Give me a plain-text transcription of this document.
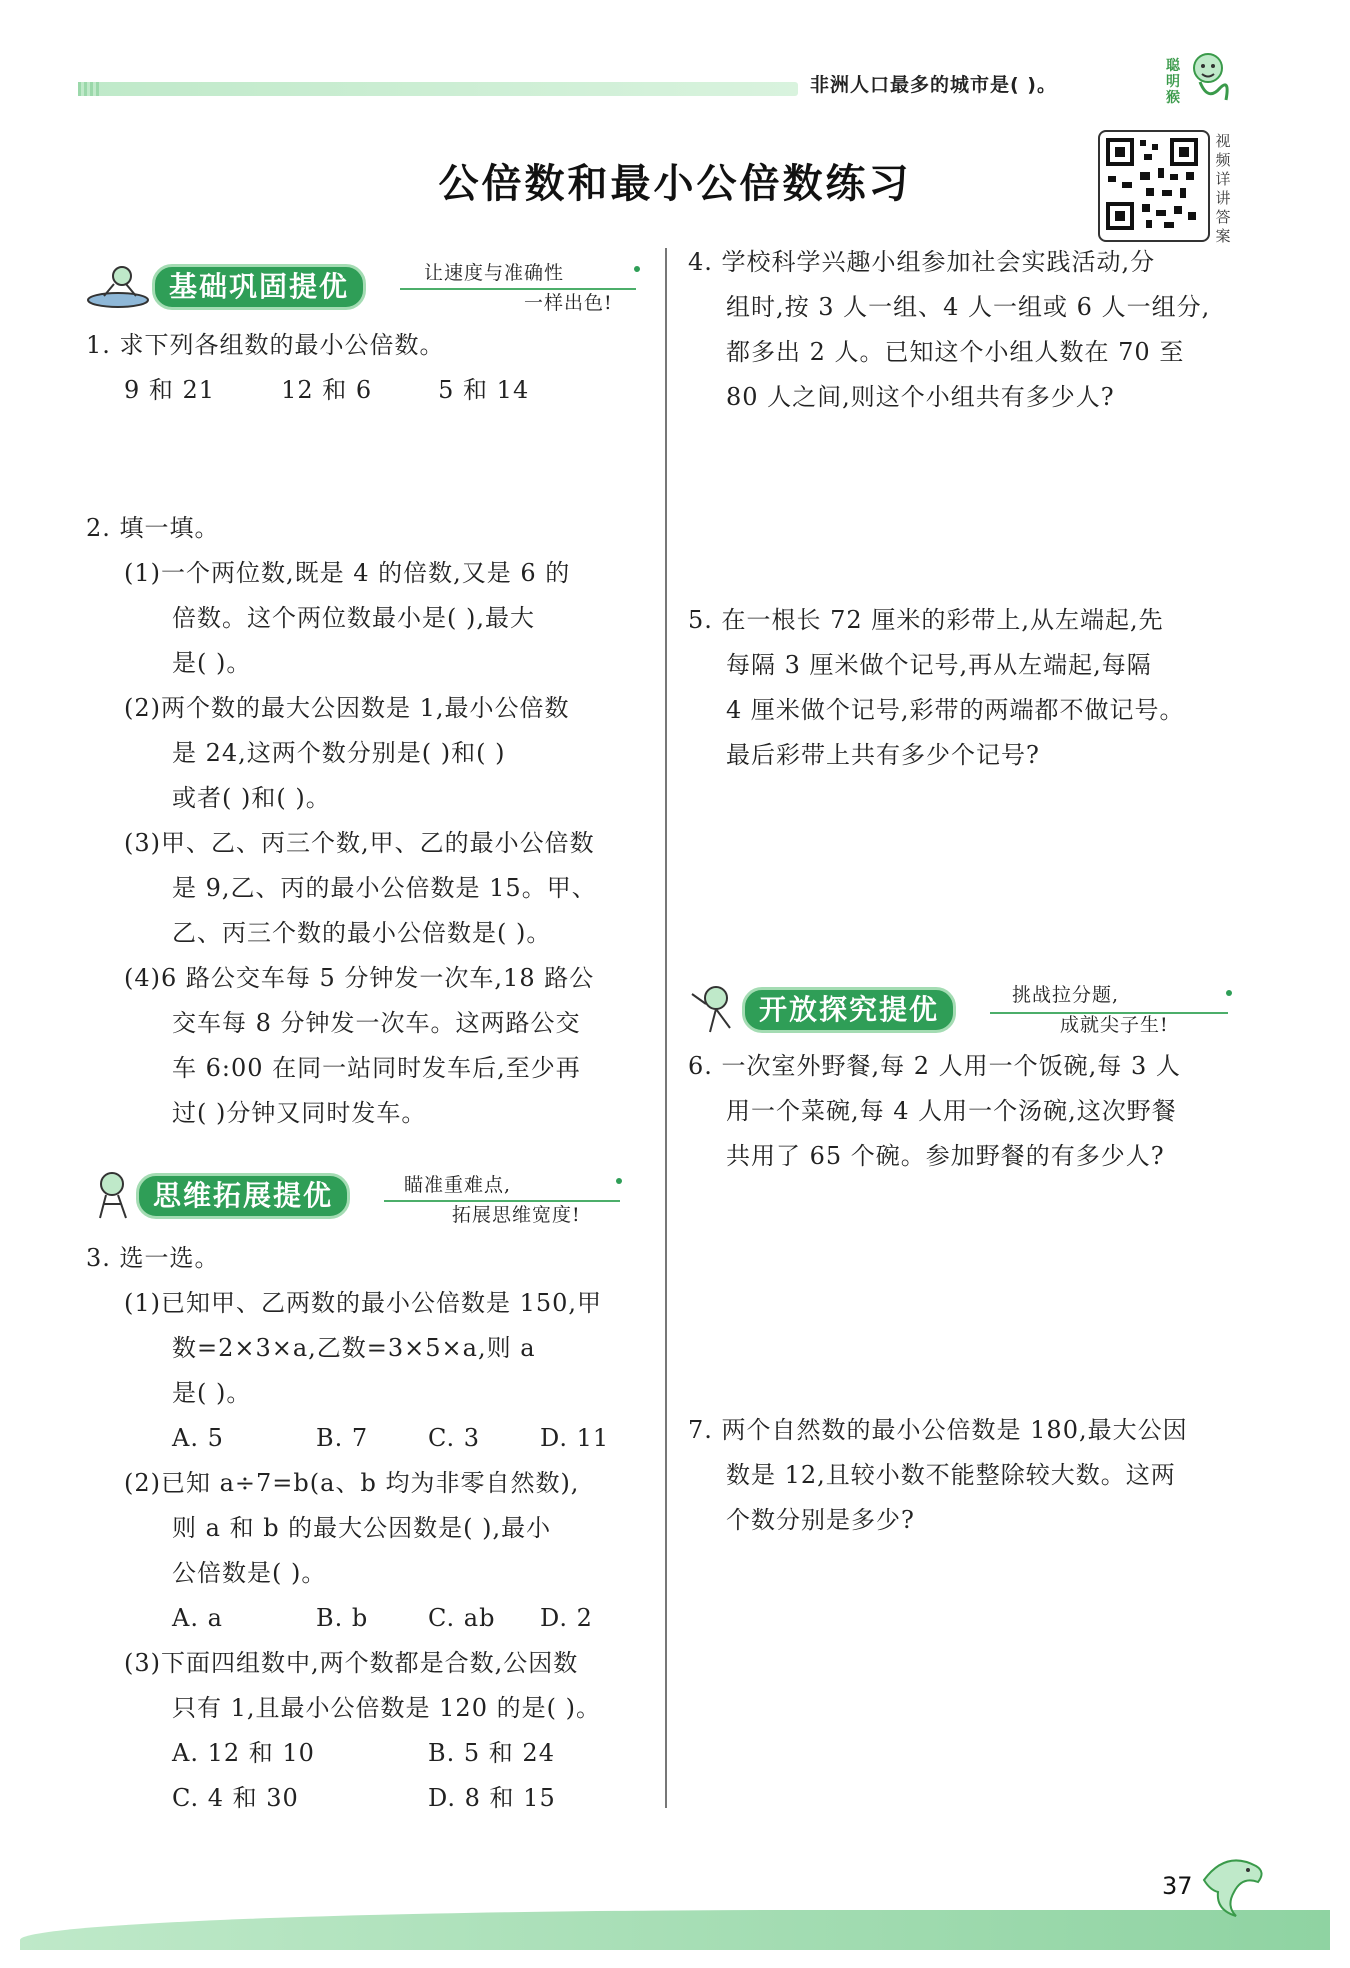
非洲人口最多的城市是( )。
聪明猴
公倍数和最小公倍数练习
视频详讲答案
基础巩固提优	让速度与准确性
一样出色!

1. 求下列各组数的最小公倍数。

9 和 21	12 和 6	5 和 14

2. 填一填。

(1)一个两位数,既是 4 的倍数,又是 6 的

倍数。这个两位数最小是( ),最大

是( )。

(2)两个数的最大公因数是 1,最小公倍数

是 24,这两个数分别是( )和( )

或者( )和( )。

(3)甲、乙、丙三个数,甲、乙的最小公倍数

是 9,乙、丙的最小公倍数是 15。甲、

乙、丙三个数的最小公倍数是( )。

(4)6 路公交车每 5 分钟发一次车,18 路公

交车每 8 分钟发一次车。这两路公交

车 6:00 在同一站同时发车后,至少再

过( )分钟又同时发车。

思维拓展提优	瞄准重难点,
拓展思维宽度!

3. 选一选。

(1)已知甲、乙两数的最小公倍数是 150,甲

数=2×3×a,乙数=3×5×a,则 a

是( )。

A. 5	B. 7 C. 3 D. 11

(2)已知 a÷7=b(a、b 均为非零自然数),

则 a 和 b 的最大公因数是( ),最小

公倍数是( )。

A. a	B. b C. ab D. 2

(3)下面四组数中,两个数都是合数,公因数

只有 1,且最小公倍数是 120 的是( )。

A. 12 和 10	B. 5 和 24

C. 4 和 30	D. 8 和 15

4. 学校科学兴趣小组参加社会实践活动,分

组时,按 3 人一组、4 人一组或 6 人一组分,

都多出 2 人。已知这个小组人数在 70 至

80 人之间,则这个小组共有多少人?

5. 在一根长 72 厘米的彩带上,从左端起,先

每隔 3 厘米做个记号,再从左端起,每隔

4 厘米做个记号,彩带的两端都不做记号。

最后彩带上共有多少个记号?

开放探究提优	挑战拉分题,
成就尖子生!

6. 一次室外野餐,每 2 人用一个饭碗,每 3 人

用一个菜碗,每 4 人用一个汤碗,这次野餐

共用了 65 个碗。参加野餐的有多少人?

7. 两个自然数的最小公倍数是 180,最大公因

数是 12,且较小数不能整除较大数。这两

个数分别是多少?

37
